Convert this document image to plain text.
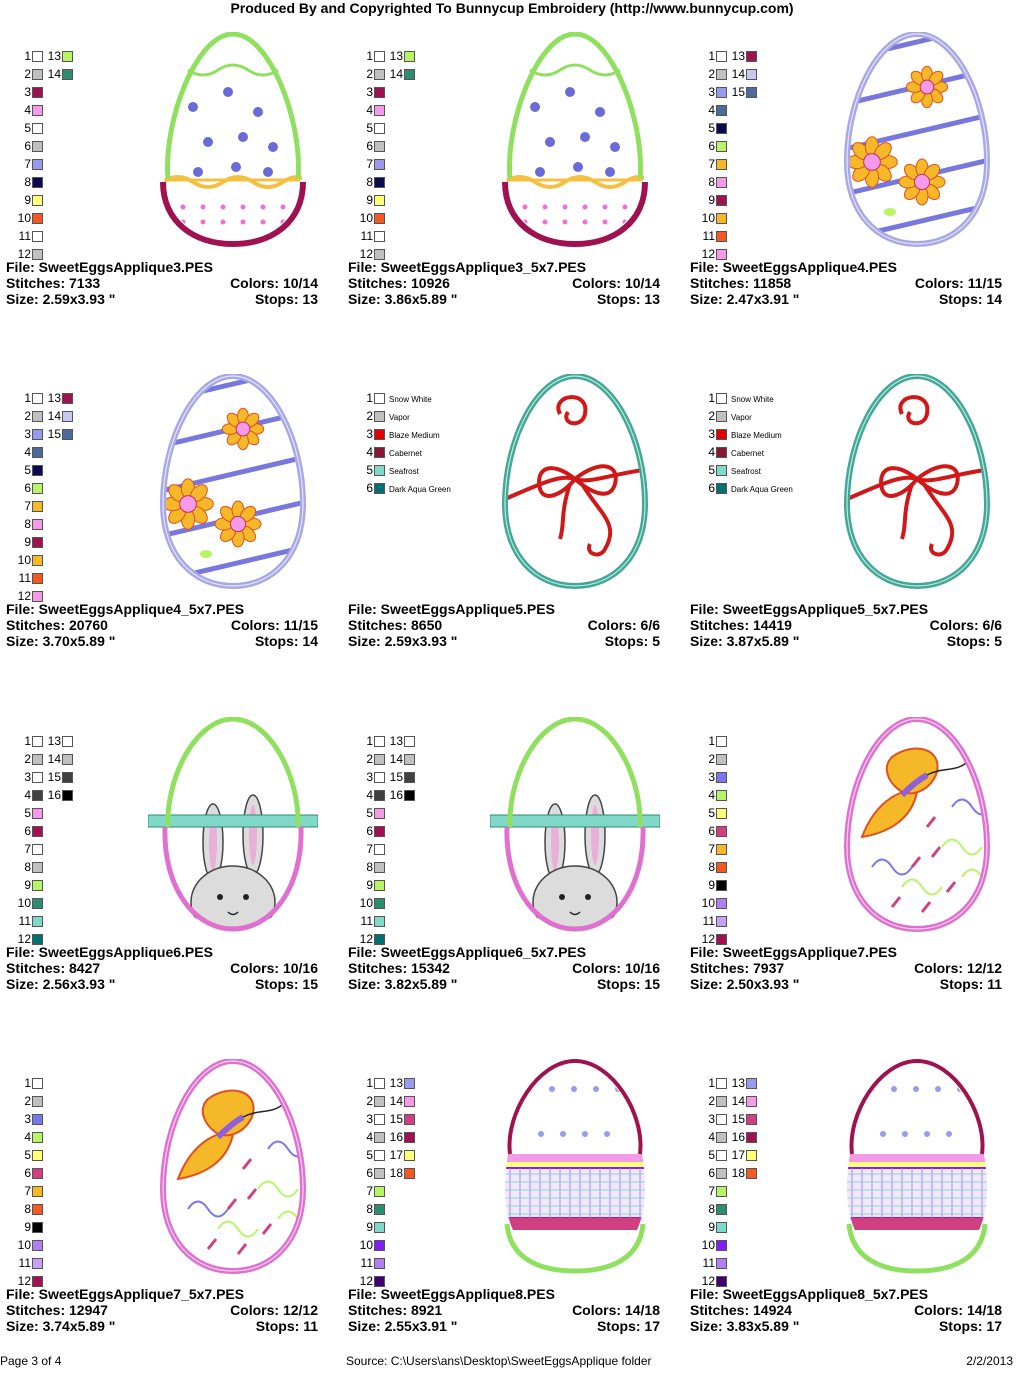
Produced By and Copyrighted To Bunnycup Embroidery (http://www.bunnycup.com)
1
2
3
4
5
6
7
8
9
10
11
12
13
14
File: SweetEggsApplique3.PES
Stitches: 7133	Colors: 10/14
Size: 2.59x3.93 "	Stops: 13
1
2
3
4
5
6
7
8
9
10
11
12
13
14
File: SweetEggsApplique3_5x7.PES
Stitches: 10926	Colors: 10/14
Size: 3.86x5.89 "	Stops: 13
1
2
3
4
5
6
7
8
9
10
11
12
13
14
15
File: SweetEggsApplique4.PES
Stitches: 11858	Colors: 11/15
Size: 2.47x3.91 "	Stops: 14
1
2
3
4
5
6
7
8
9
10
11
12
13
14
15
File: SweetEggsApplique4_5x7.PES
Stitches: 20760	Colors: 11/15
Size: 3.70x5.89 "	Stops: 14
1 Snow White
2 Vapor
3 Blaze Medium
4 Cabernet
5 Seafrost
6 Dark Aqua Green
File: SweetEggsApplique5.PES
Stitches: 8650	Colors: 6/6
Size: 2.59x3.93 "	Stops: 5
1 Snow White
2 Vapor
3 Blaze Medium
4 Cabernet
5 Seafrost
6 Dark Aqua Green
File: SweetEggsApplique5_5x7.PES
Stitches: 14419	Colors: 6/6
Size: 3.87x5.89 "	Stops: 5
1
2
3
4
5
6
7
8
9
10
11
12
13
14
15
16
File: SweetEggsApplique6.PES
Stitches: 8427	Colors: 10/16
Size: 2.56x3.93 "	Stops: 15
1
2
3
4
5
6
7
8
9
10
11
12
13
14
15
16
File: SweetEggsApplique6_5x7.PES
Stitches: 15342	Colors: 10/16
Size: 3.82x5.89 "	Stops: 15
1
2
3
4
5
6
7
8
9
10
11
12
File: SweetEggsApplique7.PES
Stitches: 7937	Colors: 12/12
Size: 2.50x3.93 "	Stops: 11
1
2
3
4
5
6
7
8
9
10
11
12
File: SweetEggsApplique7_5x7.PES
Stitches: 12947	Colors: 12/12
Size: 3.74x5.89 "	Stops: 11
1
2
3
4
5
6
7
8
9
10
11
12
13
14
15
16
17
18
File: SweetEggsApplique8.PES
Stitches: 8921	Colors: 14/18
Size: 2.55x3.91 "	Stops: 17
1
2
3
4
5
6
7
8
9
10
11
12
13
14
15
16
17
18
File: SweetEggsApplique8_5x7.PES
Stitches: 14924	Colors: 14/18
Size: 3.83x5.89 "	Stops: 17
Page 3 of 4	Source: C:\Users\ans\Desktop\SweetEggsApplique folder	2/2/2013
